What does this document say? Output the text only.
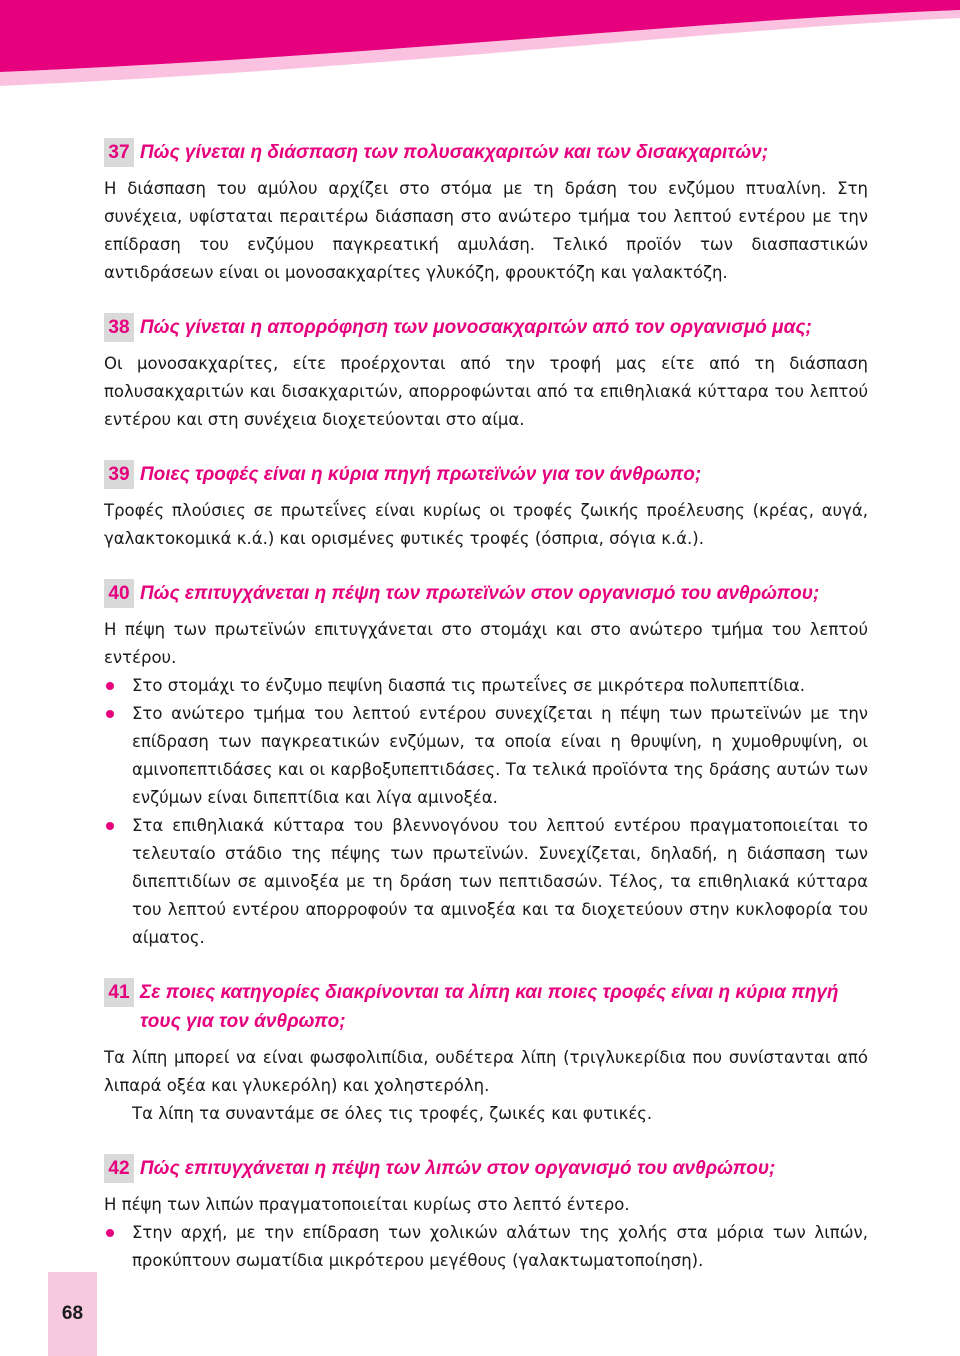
37 Πώς γίνεται η διάσπαση των πολυσακχαριτών και των δισακχαριτών;

Η διάσπαση του αμύλου αρχίζει στο στόμα με τη δράση του ενζύμου πτυαλίνη. Στη συνέχεια, υφίσταται περαιτέρω διάσπαση στο ανώτερο τμήμα του λεπτού εντέρου με την επίδραση του ενζύμου παγκρεατική αμυλάση. Τελικό προϊόν των διασπαστικών αντιδράσεων είναι οι μονοσακχαρίτες γλυκόζη, φρουκτόζη και γαλακτόζη.

38 Πώς γίνεται η απορρόφηση των μονοσακχαριτών από τον οργανισμό μας;

Οι μονοσακχαρίτες, είτε προέρχονται από την τροφή μας είτε από τη διάσπαση πολυσακχαριτών και δισακχαριτών, απορροφώνται από τα επιθηλιακά κύτταρα του λεπτού εντέρου και στη συνέχεια διοχετεύονται στο αίμα.

39 Ποιες τροφές είναι η κύρια πηγή πρωτεϊνών για τον άνθρωπο;

Τροφές πλούσιες σε πρωτεΐνες είναι κυρίως οι τροφές ζωικής προέλευσης (κρέας, αυγά, γαλακτοκομικά κ.ά.) και ορισμένες φυτικές τροφές (όσπρια, σόγια κ.ά.).

40 Πώς επιτυγχάνεται η πέψη των πρωτεϊνών στον οργανισμό του ανθρώπου;

Η πέψη των πρωτεϊνών επιτυγχάνεται στο στομάχι και στο ανώτερο τμήμα του λεπτού εντέρου.

Στο στομάχι το ένζυμο πεψίνη διασπά τις πρωτεΐνες σε μικρότερα πολυπεπτίδια.
Στο ανώτερο τμήμα του λεπτού εντέρου συνεχίζεται η πέψη των πρωτεϊνών με την επίδραση των παγκρεατικών ενζύμων, τα οποία είναι η θρυψίνη, η χυμοθρυψίνη, οι αμινοπεπτιδάσες και οι καρβοξυπεπτιδάσες. Τα τελικά προϊόντα της δράσης αυτών των ενζύμων είναι διπεπτίδια και λίγα αμινοξέα.
Στα επιθηλιακά κύτταρα του βλεννογόνου του λεπτού εντέρου πραγματοποιείται το τελευταίο στάδιο της πέψης των πρωτεϊνών. Συνεχίζεται, δηλαδή, η διάσπαση των διπεπτιδίων σε αμινοξέα με τη δράση των πεπτιδασών. Τέλος, τα επιθηλιακά κύτταρα του λεπτού εντέρου απορροφούν τα αμινοξέα και τα διοχετεύουν στην κυκλοφορία του αίματος.
41 Σε ποιες κατηγορίες διακρίνονται τα λίπη και ποιες τροφές είναι η κύρια πηγή τους για τον άνθρωπο;

Τα λίπη μπορεί να είναι φωσφολιπίδια, ουδέτερα λίπη (τριγλυκερίδια που συνίστανται από λιπαρά οξέα και γλυκερόλη) και χοληστερόλη.

Τα λίπη τα συναντάμε σε όλες τις τροφές, ζωικές και φυτικές.

42 Πώς επιτυγχάνεται η πέψη των λιπών στον οργανισμό του ανθρώπου;

Η πέψη των λιπών πραγματοποιείται κυρίως στο λεπτό έντερο.

Στην αρχή, με την επίδραση των χολικών αλάτων της χολής στα μόρια των λιπών, προκύπτουν σωματίδια μικρότερου μεγέθους (γαλακτωματοποίηση).
68
